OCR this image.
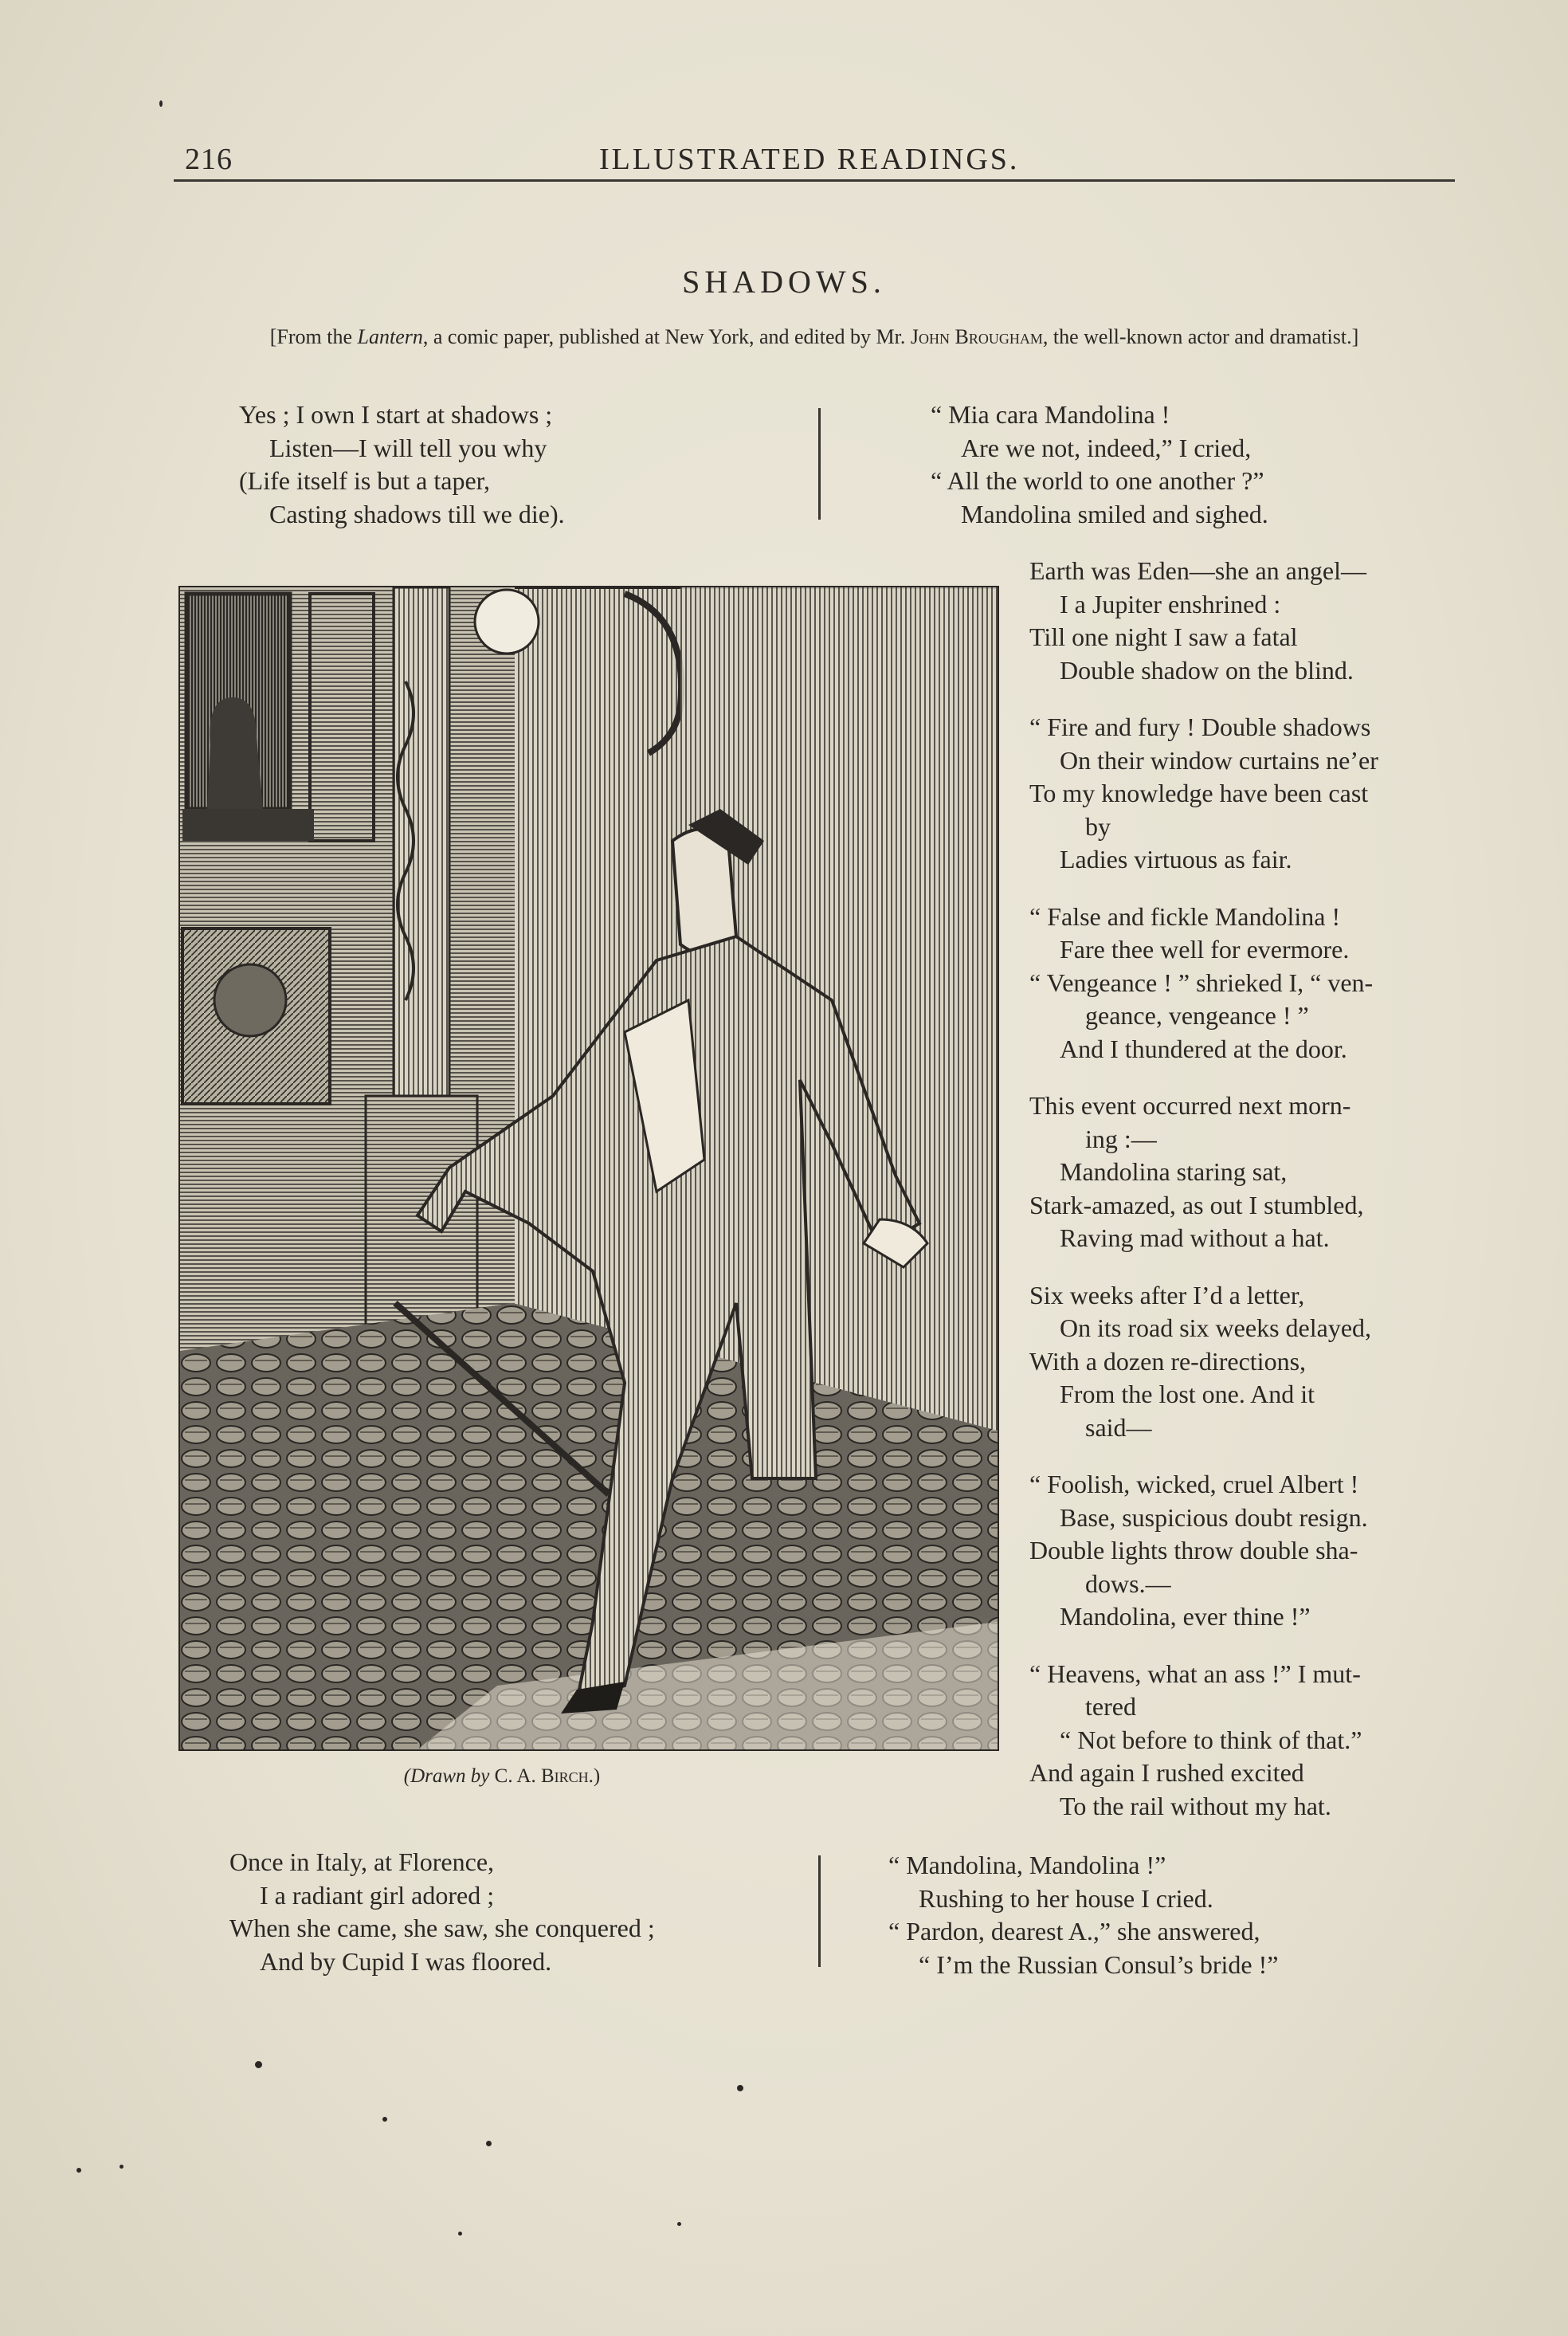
216	ILLUSTRATED READINGS.
SHADOWS.
[From the Lantern, a comic paper, published at New York, and edited by Mr. John Brougham, the well-known actor and dramatist.]
Yes ; I own I start at shadows ;
Listen—I will tell you why
(Life itself is but a taper,
Casting shadows till we die).
“ Mia cara Mandolina !
Are we not, indeed,” I cried,
“ All the world to one another ?”
Mandolina smiled and sighed.
(Drawn by C. A. Birch.)
Earth was Eden—she an angel—
I a Jupiter enshrined :
Till one night I saw a fatal
Double shadow on the blind.
“ Fire and fury ! Double shadows
On their window curtains ne’er
To my knowledge have been cast
by
Ladies virtuous as fair.
“ False and fickle Mandolina !
Fare thee well for evermore.
“ Vengeance ! ” shrieked I, “ ven-
geance, vengeance ! ”
And I thundered at the door.
This event occurred next morn-
ing :—
Mandolina staring sat,
Stark-amazed, as out I stumbled,
Raving mad without a hat.
Six weeks after I’d a letter,
On its road six weeks delayed,
With a dozen re-directions,
From the lost one. And it
said—
“ Foolish, wicked, cruel Albert !
Base, suspicious doubt resign.
Double lights throw double sha-
dows.—
Mandolina, ever thine !”
“ Heavens, what an ass !” I mut-
tered
“ Not before to think of that.”
And again I rushed excited
To the rail without my hat.
Once in Italy, at Florence,
I a radiant girl adored ;
When she came, she saw, she conquered ;
And by Cupid I was floored.
“ Mandolina, Mandolina !”
Rushing to her house I cried.
“ Pardon, dearest A.,” she answered,
“ I’m the Russian Consul’s bride !”
